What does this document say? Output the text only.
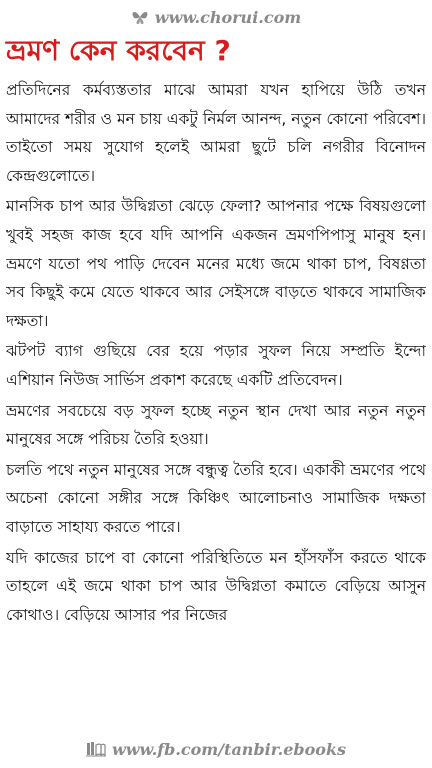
www.chorui.com
ভ্রমণ কেন করবেন ?

প্রতিদিনের কর্মব্যস্ততার মাঝে আমরা যখন হাপিয়ে উঠি তখন আমাদের শরীর ও মন চায় একটু নির্মল আনন্দ, নতুন কোনো পরিবেশ। তাইতো সময় সুযোগ হলেই আমরা ছুটে চলি নগরীর বিনোদন কেন্দ্রগুলোতে।

মানসিক চাপ আর উদ্বিগ্নতা ঝেড়ে ফেলা? আপনার পক্ষে বিষয়গুলো খুবই সহজ কাজ হবে যদি আপনি একজন ভ্রমণপিপাসু মানুষ হন। ভ্রমণে যতো পথ পাড়ি দেবেন মনের মধ্যে জমে থাকা চাপ, বিষণ্ণতা সব কিছুই কমে যেতে থাকবে আর সেইসঙ্গে বাড়তে থাকবে সামাজিক দক্ষতা।

ঝটপট ব্যাগ গুছিয়ে বের হয়ে পড়ার সুফল নিয়ে সম্প্রতি ইন্দো এশিয়ান নিউজ সার্ভিস প্রকাশ করেছে একটি প্রতিবেদন।

ভ্রমণের সবচেয়ে বড় সুফল হচ্ছে নতুন স্থান দেখা আর নতুন নতুন মানুষের সঙ্গে পরিচয় তৈরি হওয়া।

চলতি পথে নতুন মানুষের সঙ্গে বন্ধুত্ব তৈরি হবে। একাকী ভ্রমণের পথে অচেনা কোনো সঙ্গীর সঙ্গে কিঞ্চিৎ আলোচনাও সামাজিক দক্ষতা বাড়াতে সাহায্য করতে পারে।

যদি কাজের চাপে বা কোনো পরিস্থিতিতে মন হাঁসফাঁস করতে থাকে তাহলে এই জমে থাকা চাপ আর উদ্বিগ্নতা কমাতে বেড়িয়ে আসুন কোথাও। বেড়িয়ে আসার পর নিজের

www.fb.com/tanbir.ebooks
